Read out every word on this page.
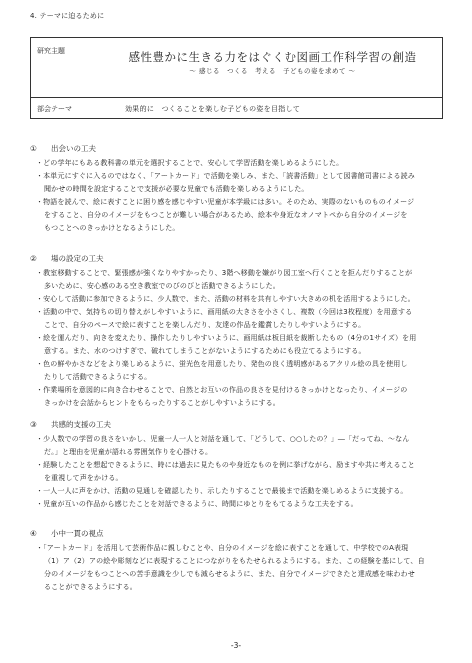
4. テーマに迫るために
研究主題	感性豊かに生きる力をはぐくむ図画工作科学習の創造
～ 感じる　つくる　考える　子どもの姿を求めて ～
部会テーマ	効果的に　つくることを楽しむ子どもの姿を目指して
① 出会いの工夫
・どの学年にもある教科書の単元を選択することで、安心して学習活動を楽しめるようにした。
・本単元にすぐに入るのではなく、「アートカード」で活動を楽しみ、また、「読書活動」として図書館司書による読み
聞かせの時間を設定することで支援が必要な児童でも活動を楽しめるようにした。
・物語を読んで、絵に表すことに困り感を感じやすい児童が本学級には多い。そのため、実際のないものものイメージ
をすること、自分のイメージをもつことが難しい場合があるため、絵本や身近なオノマトペから自分のイメージを
もつことへのきっかけとなるようにした。
② 場の設定の工夫
・教室移動することで、緊張感が強くなりやすかったり、3階へ移動を嫌がり図工室へ行くことを拒んだりすることが
多いために、安心感のある空き教室でのびのびと活動できるようにした。
・安心して活動に参加できるように、少人数で、また、活動の材料を共有しやすい大きめの机を活用するようにした。
・活動の中で、気持ちの切り替えがしやすいように、画用紙の大きさを小さくし、複数（今回は3枚程度）を用意する
ことで、自分のペースで絵に表すことを楽しんだり、友達の作品を鑑賞したりしやすいようにする。
・絵を運んだり、向きを変えたり、操作したりしやすいように、画用紙は板目紙を裁断したもの（4分の1サイズ）を用
意する。また、水のつけすぎで、破れてしまうことがないようにするためにも役立てるようにする。
・色の鮮やかさなどをより楽しめるように、蛍光色を用意したり、発色の良く透明感があるアクリル絵の具を使用し
たりして活動できるようにする。
・作業場所を意図的に向き合わせることで、自然とお互いの作品の良さを見付けるきっかけとなったり、イメージの
きっかけを会話からヒントをもらったりすることがしやすいようにする。
③ 共感的支援の工夫
・少人数での学習の良さをいかし、児童一人一人と対話を通して、「どうして、○○したの？」―「だってね、～なん
だ。」と理由を児童が語れる雰囲気作りを心掛ける。
・経験したことを想起できるように、時には過去に見たものや身近なものを例に挙げながら、励ますや共に考えること
を重視して声をかける。
・一人一人に声をかけ、活動の見通しを確認したり、示したりすることで最後まで活動を楽しめるように支援する。
・児童が互いの作品から感じたことを対話できるように、時間にゆとりをもてるような工夫をする。
④ 小中一貫の視点
・「アートカード」を活用して芸術作品に親しむことや、自分のイメージを絵に表すことを通して、中学校でのA表現
（1）ア（2）アの絵や彫刻などに表現することにつながりをもたせられるようにする。また、この経験を基にして、自
分のイメージをもつことへの苦手意識を少しでも減らせるように、また、自分でイメージできたと達成感を味わわせ
ることができるようにする。
-3-
